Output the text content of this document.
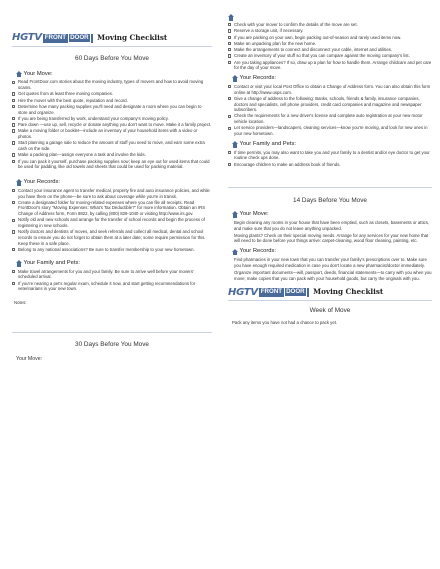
HGTV FRONT DOOR	Moving Checklist
60 Days Before You Move
Your Move:
Read FrontDoor.com stories about the moving industry, types of movers and how to avoid moving scams.
Get quotes from at least three moving companies.
Hire the mover with the best quote, reputation and record.
Determine how many packing supplies you'll need and designate a room where you can begin to store and organize.
If you are being transferred by work, understand your company's moving policy.
Pare down —use up, sell, recycle or donate anything you don't want to move. Make it a family project.
Make a moving folder or booklet—include an inventory of your household items with a video or photos.
Start planning a garage sale to reduce the amount of stuff you need to move, and earn some extra cash on the side.
Make a packing plan—assign everyone a task and involve the kids.
If you can pack it yourself, purchase packing supplies now; keep an eye out for used items that could be used for padding, like old towels and sheets that could be used for packing material.
Your Records:
Contact your insurance agent to transfer medical, property fire and auto insurance policies, and while you have them on the phone—be sure to ask about coverage while you're in transit.
Create a designated folder for moving-related expenses where you can file all receipts. Read FrontDoor's story "Moving Expenses: What's Tax Deductible?" for more information. Obtain an IRS Change of Address form, Form 8822, by calling (800) 829-1040 or visiting http://www.irs.gov.
Notify old and new schools and arrange for the transfer of school records and begin the process of registering in new schools.
Notify doctors and dentists of moves, and seek referrals and collect all medical, dental and school records to ensure you do not forget to obtain them at a later date; some require permission for this. Keep these in a safe place.
Belong to any national associations? Be sure to transfer membership to your new hometown.
Your Family and Pets:
Make travel arrangements for you and your family. Be sure to arrive well before your movers' scheduled arrival.
If you're nearing a pet's regular exam, schedule it now, and start getting recommendations for veterinarians in your new town.
Notes:
30 Days Before You Move
Your Move:
Check with your mover to confirm the details of the move are set.
Reserve a storage unit, if necessary.
If you are packing on your own, begin packing out-of-season and rarely used items now.
Make an unpacking plan for the new home.
Make the arrangements to connect and disconnect your cable, internet and utilities.
Create an inventory of your stuff so that you can compare against the moving company's list.
Are you taking appliances? If so, draw up a plan for how to handle them. Arrange childcare and pet care for the day of your move.
Your Records:
Contact or visit your local Post Office to obtain a Change of Address form. You can also obtain this form online at http://www.usps.com.
Give a change of address to the following: Banks, schools, friends & family, insurance companies, doctors and specialists, cell phone providers, credit card companies and magazine and newspaper subscribers.
Check the requirements for a new driver's license and complete auto registration at your new motor vehicle location.
Let service providers—landscapers, cleaning services—know you're moving, and look for new ones in your new hometown.
Your Family and Pets:
If time permits, you may also want to take you and your family to a dentist and/or eye doctor to get your routine check ups done.
Encourage children to make an address book of friends.
14 Days Before You Move
Your Move:

Begin cleaning any rooms in your house that have been emptied, such as closets, basements or attics, and make sure that you do not leave anything unpacked.

Moving plants? Check on their special moving needs. Arrange for any services for your new home that will need to be done before your things arrive: carpet-cleaning, wood floor cleaning, painting, etc.

Your Records:

Find pharmacies in your new town that you can transfer your family's prescriptions over to. Make sure you have enough required medication in case you don't locate a new pharmacist/doctor immediately.

Organize important documents—will, passport, deeds, financial statements—to carry with you when you move; make copies that you can pack with your household goods, but carry the originals with you.

HGTV FRONT DOOR	Moving Checklist
Week of Move
Pack any items you have not had a chance to pack yet.
